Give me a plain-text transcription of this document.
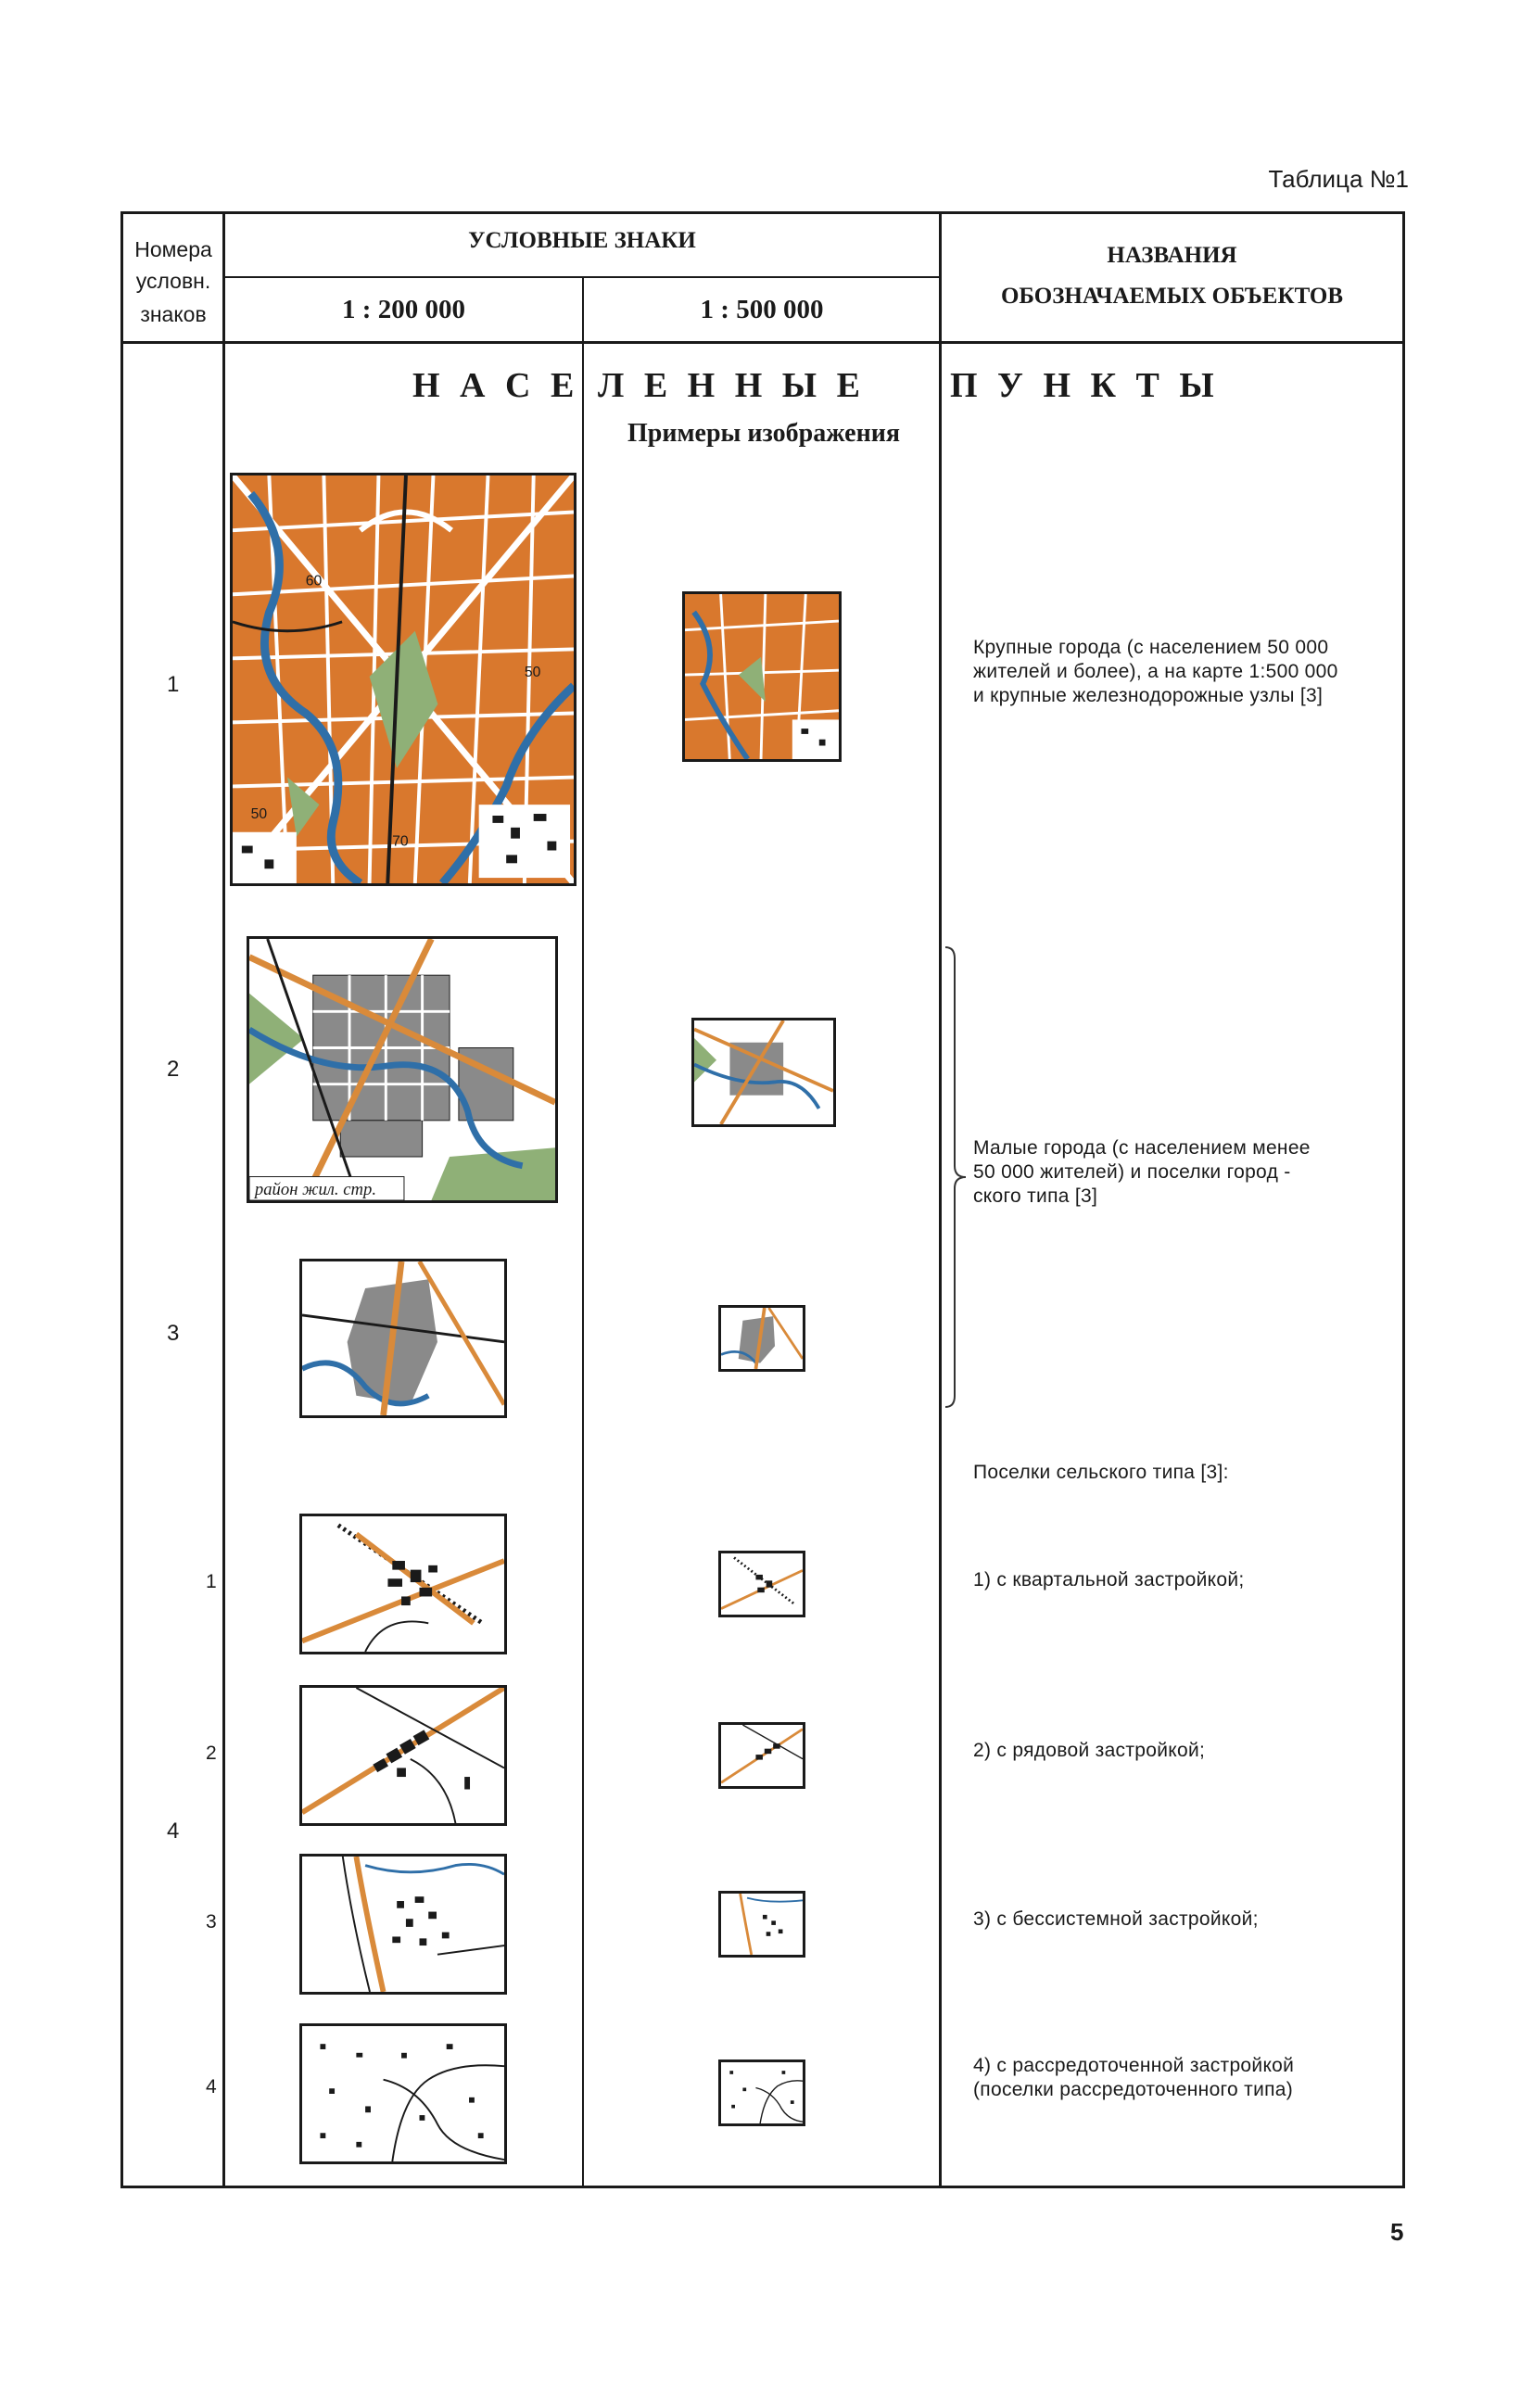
Таблица №1
Номера
условн.
знаков
УСЛОВНЫЕ ЗНАКИ
1 : 200 000	1 : 500 000
НАЗВАНИЯ
ОБОЗНАЧАЕМЫХ ОБЪЕКТОВ
Н А С Е Л Е Н Н Ы Е П У Н К Т Ы
Примеры изображения
1
2
3
4
1
2
3
4
Крупные города (с населением 50 000
жителей и более), а на карте 1:500 000
и крупные железнодорожные узлы [3]
Малые города (с населением менее
50 000 жителей) и поселки город -
ского типа [3]
Поселки сельского типа [3]:
1) с квартальной застройкой;
2) с рядовой застройкой;
3) с бессистемной застройкой;
4) с рассредоточенной застройкой
(поселки рассредоточенного типа)
60
50
50
70
район жил. стр.
5
